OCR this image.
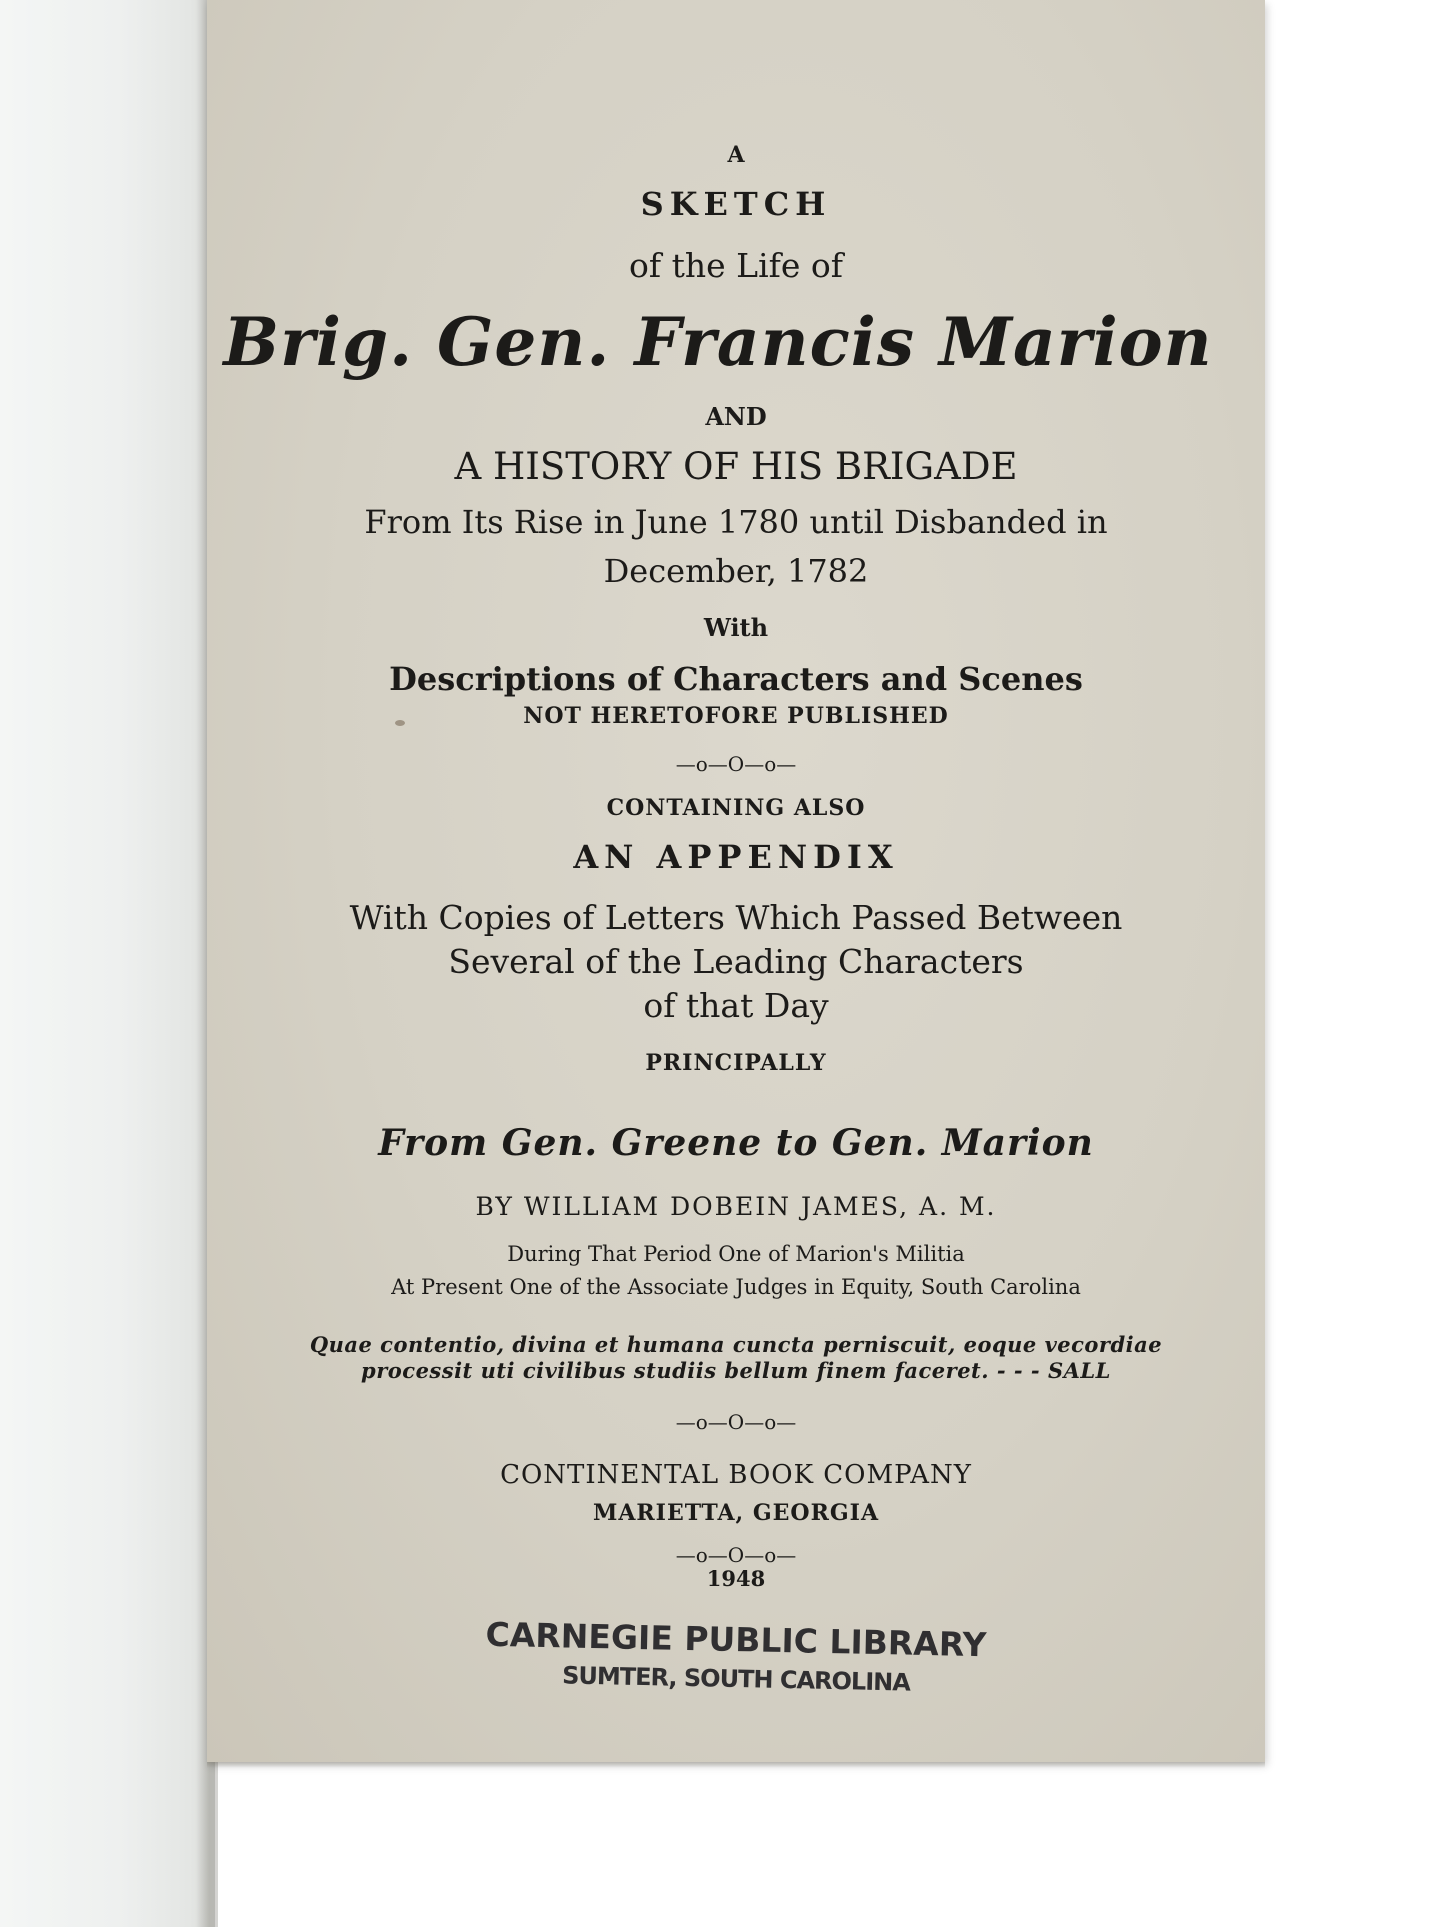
A
SKETCH
of the Life of
Brig. Gen. Francis Marion
AND
A HISTORY OF HIS BRIGADE
From Its Rise in June 1780 until Disbanded in
December, 1782
With
Descriptions of Characters and Scenes
NOT HERETOFORE PUBLISHED
—o—O—o—
CONTAINING ALSO
AN APPENDIX
With Copies of Letters Which Passed Between
Several of the Leading Characters
of that Day
PRINCIPALLY
From Gen. Greene to Gen. Marion
BY WILLIAM DOBEIN JAMES, A. M.
During That Period One of Marion's Militia
At Present One of the Associate Judges in Equity, South Carolina
Quae contentio, divina et humana cuncta perniscuit, eoque vecordiae
processit uti civilibus studiis bellum finem faceret. - - - SALL
—o—O—o—
CONTINENTAL BOOK COMPANY
MARIETTA, GEORGIA
—o—O—o—
1948
CARNEGIE PUBLIC LIBRARY
SUMTER, SOUTH CAROLINA
